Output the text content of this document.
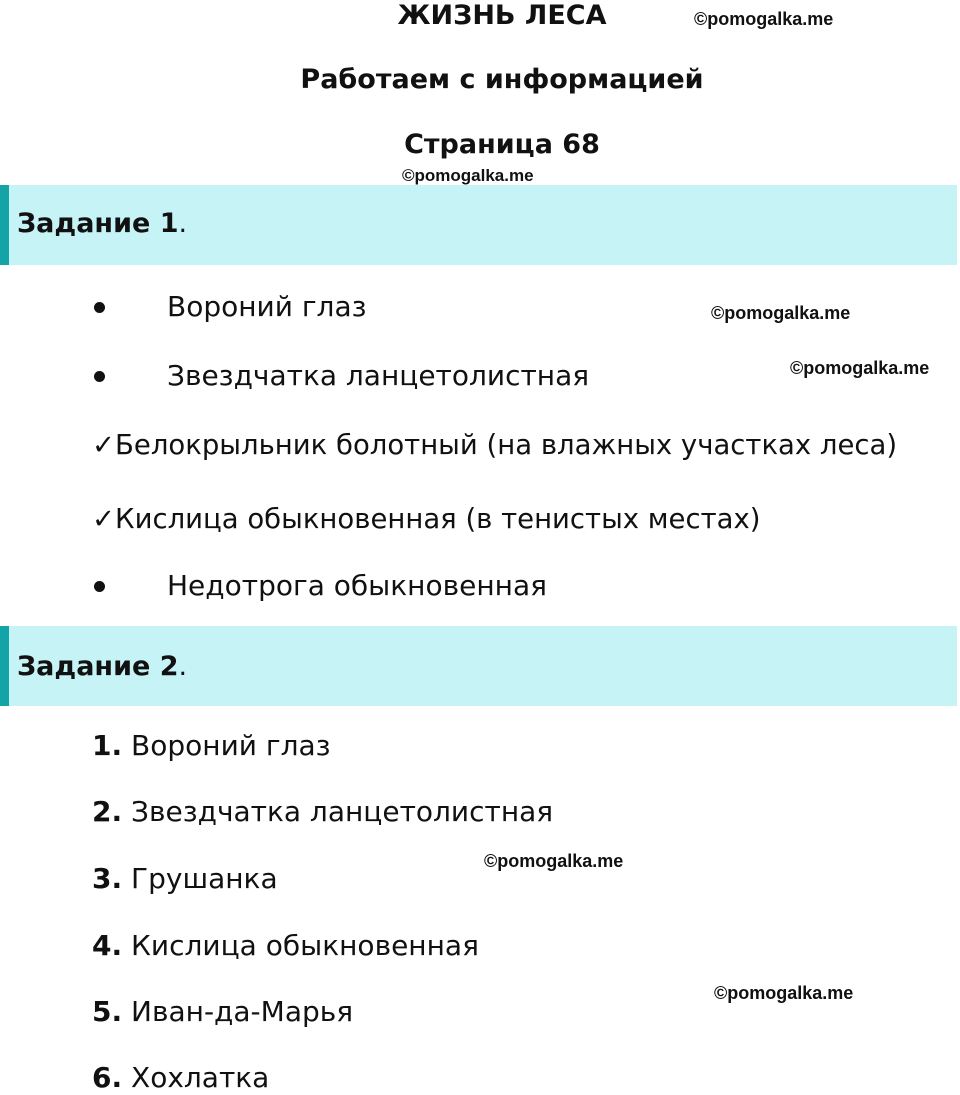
ЖИЗНЬ ЛЕСА	©pomogalka.me
Работаем с информацией
Страница 68
©pomogalka.me
Задание 1.
Вороний глаз	©pomogalka.me
Звездчатка ланцетолистная	©pomogalka.me
✓Белокрыльник болотный (на влажных участках леса)
✓Кислица обыкновенная (в тенистых местах)
Недотрога обыкновенная
Задание 2.
1. Вороний глаз
2. Звездчатка ланцетолистная
©pomogalka.me
3. Грушанка
4. Кислица обыкновенная
©pomogalka.me
5. Иван-да-Марья
6. Хохлатка
